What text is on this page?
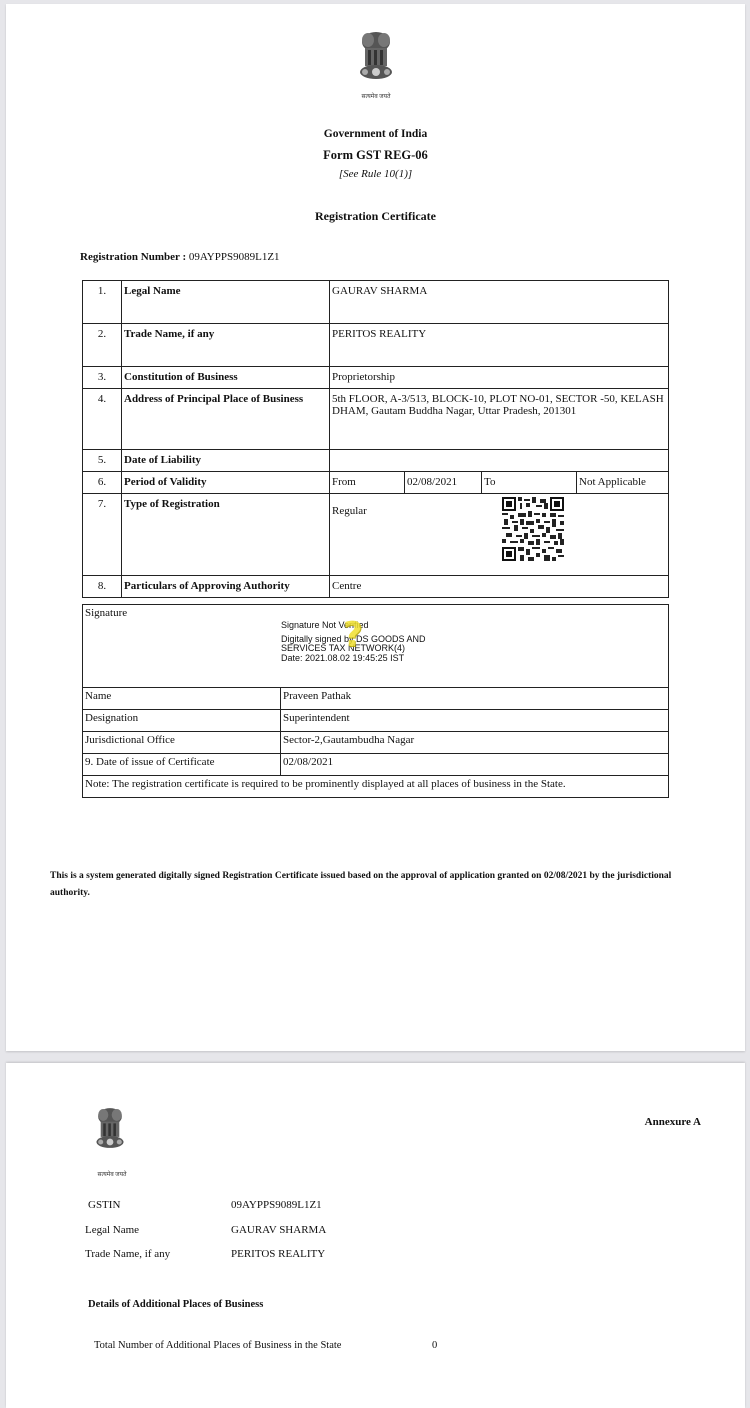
सत्यमेव जयते
Government of India
Form GST REG-06
[See Rule 10(1)]
Registration Certificate
Registration Number : 09AYPPS9089L1Z1
1.	Legal Name	GAURAV SHARMA			
2.	Trade Name, if any	PERITOS REALITY			
3.	Constitution of Business	Proprietorship			
4.	Address of Principal Place of Business	5th FLOOR, A-3/513, BLOCK-10, PLOT NO-01, SECTOR -50, KELASH DHAM, Gautam Buddha Nagar, Uttar Pradesh, 201301			
5.	Date of Liability				
6.	Period of Validity	From	02/08/2021	To	Not Applicable
7.	Type of Registration	Regular			

8.	Particulars of Approving Authority	Centre			
Signature
Signature Not Verified
Digitally signed by DS GOODS AND
SERVICES TAX NETWORK(4)
Date: 2021.08.02 19:45:25 IST
?

Name	Praveen Pathak
Designation	Superintendent
Jurisdictional Office	Sector-2,Gautambudha Nagar
9. Date of issue of Certificate	02/08/2021
Note: The registration certificate is required to be prominently displayed at all places of business in the State.	
This is a system generated digitally signed Registration Certificate issued based on the approval of application granted on 02/08/2021 by the jurisdictional authority.
सत्यमेव जयते
Annexure A
GSTIN	09AYPPS9089L1Z1
Legal Name	GAURAV SHARMA
Trade Name, if any	PERITOS REALITY
Details of Additional Places of Business
Total Number of Additional Places of Business in the State	0
